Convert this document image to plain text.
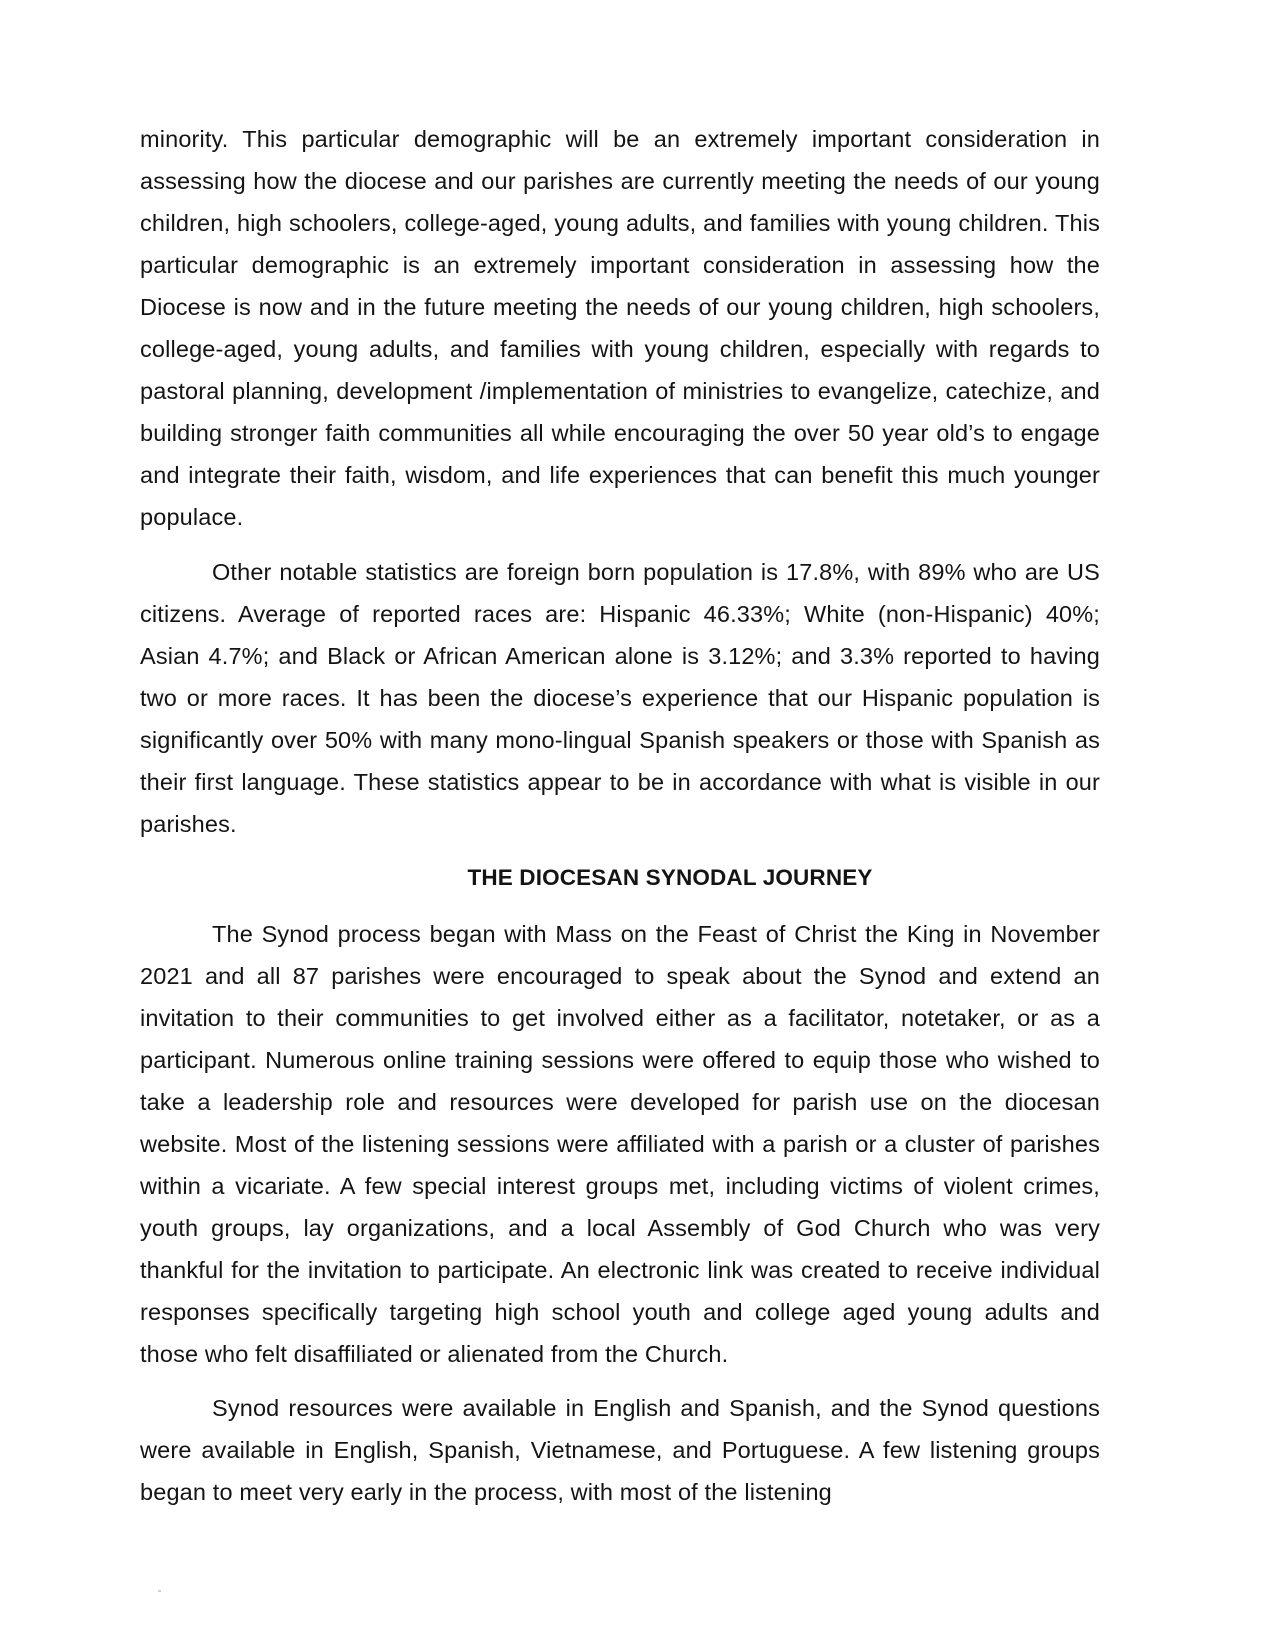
minority. This particular demographic will be an extremely important consideration in assessing how the diocese and our parishes are currently meeting the needs of our young children, high schoolers, college-aged, young adults, and families with young children. This particular demographic is an extremely important consideration in assessing how the Diocese is now and in the future meeting the needs of our young children, high schoolers, college-aged, young adults, and families with young children, especially with regards to pastoral planning, development /implementation of ministries to evangelize, catechize, and building stronger faith communities all while encouraging the over 50 year old’s to engage and integrate their faith, wisdom, and life experiences that can benefit this much younger populace.

Other notable statistics are foreign born population is 17.8%, with 89% who are US citizens. Average of reported races are: Hispanic 46.33%; White (non-Hispanic) 40%; Asian 4.7%; and Black or African American alone is 3.12%; and 3.3% reported to having two or more races. It has been the diocese’s experience that our Hispanic population is significantly over 50% with many mono-lingual Spanish speakers or those with Spanish as their first language. These statistics appear to be in accordance with what is visible in our parishes.

THE DIOCESAN SYNODAL JOURNEY

The Synod process began with Mass on the Feast of Christ the King in November 2021 and all 87 parishes were encouraged to speak about the Synod and extend an invitation to their communities to get involved either as a facilitator, notetaker, or as a participant. Numerous online training sessions were offered to equip those who wished to take a leadership role and resources were developed for parish use on the diocesan website. Most of the listening sessions were affiliated with a parish or a cluster of parishes within a vicariate. A few special interest groups met, including victims of violent crimes, youth groups, lay organizations, and a local Assembly of God Church who was very thankful for the invitation to participate. An electronic link was created to receive individual responses specifically targeting high school youth and college aged young adults and those who felt disaffiliated or alienated from the Church.

Synod resources were available in English and Spanish, and the Synod questions were available in English, Spanish, Vietnamese, and Portuguese. A few listening groups began to meet very early in the process, with most of the listening
